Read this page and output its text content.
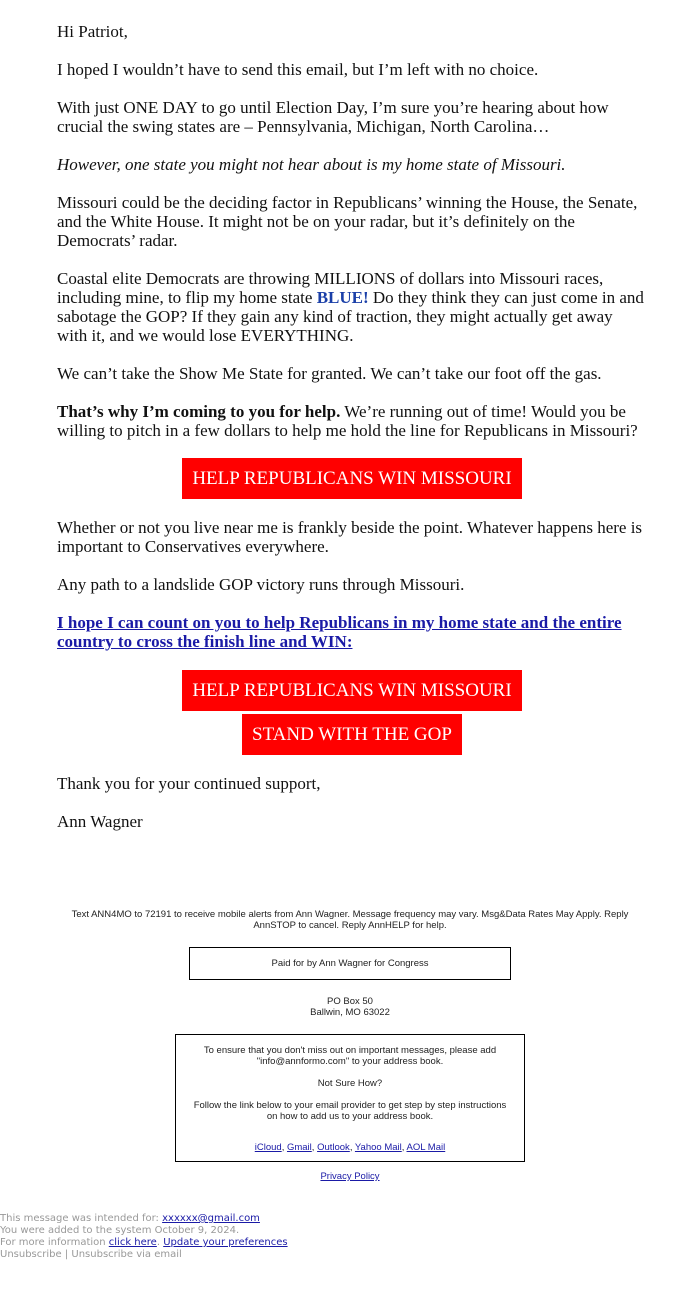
Hi Patriot,

I hoped I wouldn’t have to send this email, but I’m left with no choice.

With just ONE DAY to go until Election Day, I’m sure you’re hearing about how crucial the swing states are – Pennsylvania, Michigan, North Carolina…

However, one state you might not hear about is my home state of Missouri.

Missouri could be the deciding factor in Republicans’ winning the House, the Senate, and the White House. It might not be on your radar, but it’s definitely on the Democrats’ radar.

Coastal elite Democrats are throwing MILLIONS of dollars into Missouri races, including mine, to flip my home state BLUE! Do they think they can just come in and sabotage the GOP? If they gain any kind of traction, they might actually get away with it, and we would lose EVERYTHING.

We can’t take the Show Me State for granted. We can’t take our foot off the gas.

That’s why I’m coming to you for help. We’re running out of time! Would you be willing to pitch in a few dollars to help me hold the line for Republicans in Missouri?

HELP REPUBLICANS WIN MISSOURI

Whether or not you live near me is frankly beside the point. Whatever happens here is important to Conservatives everywhere.

Any path to a landslide GOP victory runs through Missouri.

I hope I can count on you to help Republicans in my home state and the entire country to cross the finish line and WIN:

HELP REPUBLICANS WIN MISSOURI
STAND WITH THE GOP

Thank you for your continued support,

Ann Wagner

Text ANN4MO to 72191 to receive mobile alerts from Ann Wagner. Message frequency may vary. Msg&Data Rates May Apply. Reply AnnSTOP to cancel. Reply AnnHELP for help.
Paid for by Ann Wagner for Congress
PO Box 50
Ballwin, MO 63022

To ensure that you don't miss out on important messages, please add "info@annformo.com" to your address book.

Not Sure How?

Follow the link below to your email provider to get step by step instructions on how to add us to your address book.

iCloud, Gmail, Outlook, Yahoo Mail, AOL Mail

Privacy Policy
This message was intended for: xxxxxx@gmail.com
You were added to the system October 9, 2024.
For more information click here. Update your preferences
Unsubscribe | Unsubscribe via email
